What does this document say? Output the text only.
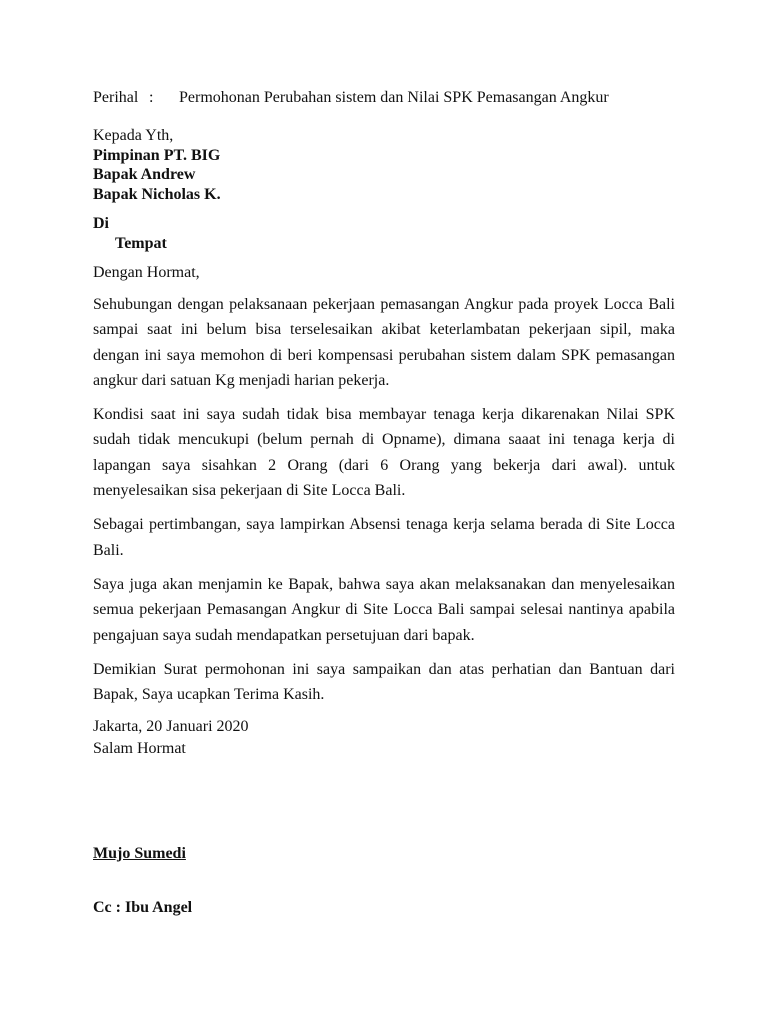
Perihal : Permohonan Perubahan sistem dan Nilai SPK Pemasangan Angkur
Kepada Yth,
Pimpinan PT. BIG
Bapak Andrew
Bapak Nicholas K.
Di
Tempat
Dengan Hormat,
Sehubungan dengan pelaksanaan pekerjaan pemasangan Angkur pada proyek Locca Bali sampai saat ini belum bisa terselesaikan akibat keterlambatan pekerjaan sipil, maka dengan ini saya memohon di beri kompensasi perubahan sistem dalam SPK pemasangan angkur dari satuan Kg menjadi harian pekerja.
Kondisi saat ini saya sudah tidak bisa membayar tenaga kerja dikarenakan Nilai SPK sudah tidak mencukupi (belum pernah di Opname), dimana saaat ini tenaga kerja di lapangan saya sisahkan 2 Orang (dari 6 Orang yang bekerja dari awal). untuk menyelesaikan sisa pekerjaan di Site Locca Bali.
Sebagai pertimbangan, saya lampirkan Absensi tenaga kerja selama berada di Site Locca Bali.
Saya juga akan menjamin ke Bapak, bahwa saya akan melaksanakan dan menyelesaikan semua pekerjaan Pemasangan Angkur di Site Locca Bali sampai selesai nantinya apabila pengajuan saya sudah mendapatkan persetujuan dari bapak.
Demikian Surat permohonan ini saya sampaikan dan atas perhatian dan Bantuan dari Bapak, Saya ucapkan Terima Kasih.
Jakarta, 20 Januari 2020
Salam Hormat
Mujo Sumedi
Cc : Ibu Angel
